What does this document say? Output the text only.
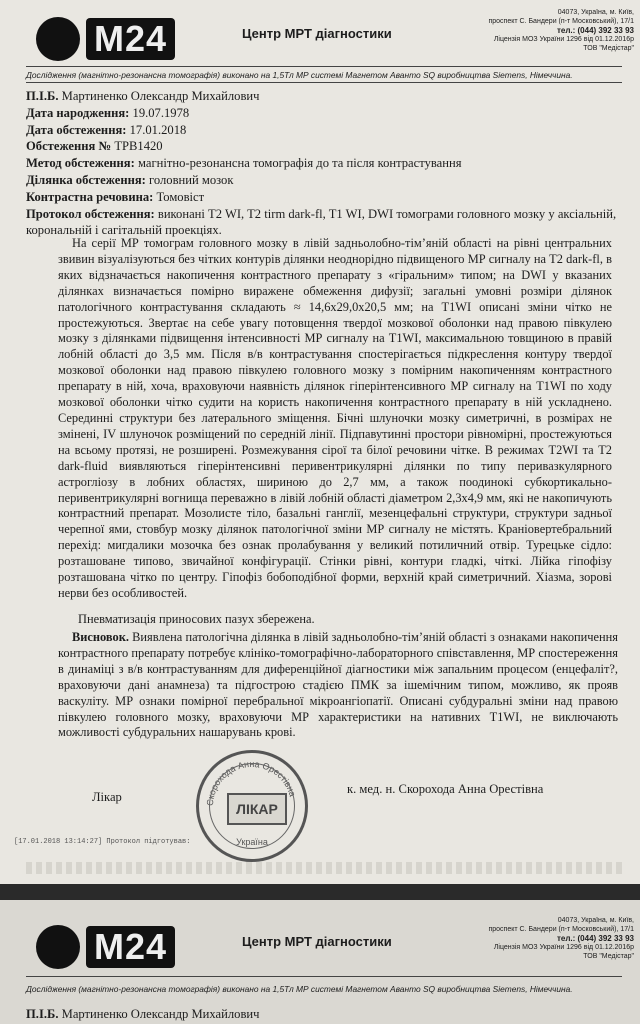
М24	Центр МРТ діагностики
04073, Україна, м. Київ,
проспект С. Бандери (п-т Московський), 17/1
тел.: (044) 392 33 93
Ліцензія МОЗ України 1296 від 01.12.2016р
ТОВ "Медістар"
Дослідження (магнітно-резонансна томографія) виконано на 1,5Тл МР системі Магнетом Аванто SQ виробництва Siemens, Німеччина.
П.І.Б. Мартиненко Олександр Михайлович
Дата народження: 19.07.1978
Дата обстеження: 17.01.2018
Обстеження № TPB1420
Метод обстеження: магнітно-резонансна томографія до та після контрастування
Ділянка обстеження: головний мозок
Контрастна речовина: Томовіст
Протокол обстеження: виконані T2 WI, T2 tirm dark-fl, T1 WI, DWI томограми головного мозку у аксіальній, корональній і сагітальній проекціях.

На серії МР томограм головного мозку в лівій задньолобно-тім’яній області на рівні центральних звивин візуалізуються без чітких контурів ділянки неоднорідно підвищеного МР сигналу на T2 dark-fl, в яких відзначається накопичення контрастного препарату з «гіральним» типом; на DWI у вказаних ділянках визначається помірно виражене обмеження дифузії; загальні умовні розміри ділянок патологічного контрастування складають ≈ 14,6х29,0х20,5 мм; на T1WI описані зміни чітко не простежуються. Звертає на себе увагу потовщення твердої мозкової оболонки над правою півкулею мозку з ділянками підвищення інтенсивності МР сигналу на T1WI, максимальною товщиною в правій лобній області до 3,5 мм. Після в/в контрастування спостерігається підкреслення контуру твердої мозкової оболонки над правою півкулею головного мозку з помірним накопиченням контрастного препарату в ній, хоча, враховуючи наявність ділянок гіперінтенсивного МР сигналу на T1WI по ходу мозкової оболонки чітко судити на користь накопичення контрастного препарату в ній ускладнено. Серединні структури без латерального зміщення. Бічні шлуночки мозку симетричні, в розмірах не змінені, IV шлуночок розміщений по середній лінії. Підпавутинні простори рівномірні, простежуються на всьому протязі, не розширені. Розмежування сірої та білої речовини чітке. В режимах T2WI та T2 dark-fluid виявляються гіперінтенсивні перивентрикулярні ділянки по типу перивазкулярного астрогліозу в лобних областях, шириною до 2,7 мм, а також поодинокі субкортикально-перивентрикулярні вогнища переважно в лівій лобній області діаметром 2,3х4,9 мм, які не накопичують контрастний препарат. Мозолисте тіло, базальні ганглії, мезенцефальні структури, структури задньої черепної ями, стовбур мозку ділянок патологічної зміни МР сигналу не містять. Краніовертебральний перехід: мигдалики мозочка без ознак пролабування у великий потиличний отвір. Турецьке сідло: розташоване типово, звичайної конфігурації. Стінки рівні, контури гладкі, чіткі. Лійка гіпофізу розташована чітко по центру. Гіпофіз бобоподібної форми, верхній край симетричний. Хіазма, зорові нерви без особливостей.

Пневматизація приносових пазух збережена.

Висновок. Виявлена патологічна ділянка в лівій задньолобно-тім’яній області з ознаками накопичення контрастного препарату потребує клініко-томографічно-лабораторного співставлення, МР спостереження в динаміці з в/в контрастуванням для диференційної діагностики між запальним процесом (енцефаліт?, враховуючи дані анамнеза) та підгострою стадією ПМК за ішемічним типом, можливо, як прояв васкуліту. МР ознаки помірної перебральної мікроангіопатії. Описані субдуральні зміни над правою півкулею головного мозку, враховуючи МР характеристики на нативних T1WI, не виключають можливості субдуральних нашарувань крові.

ЛІКАР
Скорохода Анна Орестівна
Україна
Лікар
к. мед. н. Скорохода Анна Орестівна
[17.01.2018 13:14:27] Протокол підготував:
М24	Центр МРТ діагностики
04073, Україна, м. Київ,
проспект С. Бандери (п-т Московський), 17/1
тел.: (044) 392 33 93
Ліцензія МОЗ України 1296 від 01.12.2016р
ТОВ "Медістар"
Дослідження (магнітно-резонансна томографія) виконано на 1,5Тл МР системі Магнетом Аванто SQ виробництва Siemens, Німеччина.
П.І.Б. Мартиненко Олександр Михайлович
